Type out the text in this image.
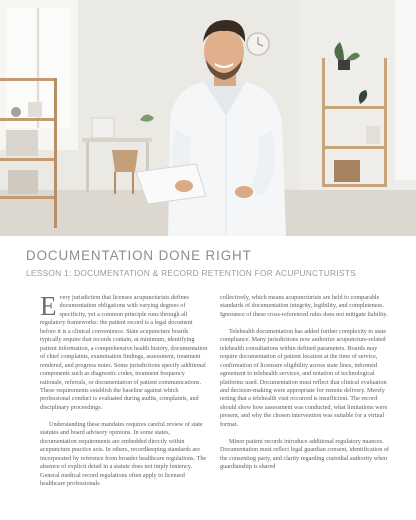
DOCUMENTATION DONE RIGHT
LESSON 1: DOCUMENTATION & RECORD RETENTION FOR ACUPUNCTURISTS

Every jurisdiction that licenses acupuncturists defines documentation obligations with varying degrees of specificity, yet a common principle runs through all regulatory frameworks: the patient record is a legal document before it is a clinical convenience. State acupuncture boards typically require that records contain, at minimum, identifying patient information, a comprehensive health history, documentation of chief complaints, examination findings, assessment, treatment rendered, and progress notes. Some jurisdictions specify additional components such as diagnostic codes, treatment frequency rationale, referrals, or documentation of patient communications. These requirements establish the baseline against which professional conduct is evaluated during audits, complaints, and disciplinary proceedings.

Understanding these mandates requires careful review of state statutes and board advisory opinions. In some states, documentation requirements are embedded directly within acupuncture practice acts. In others, recordkeeping standards are incorporated by reference from broader healthcare regulations. The absence of explicit detail in a statute does not imply leniency. General medical record regulations often apply to licensed healthcare professionals

collectively, which means acupuncturists are held to comparable standards of documentation integrity, legibility, and completeness. Ignorance of these cross-referenced rules does not mitigate liability.

Telehealth documentation has added further complexity to state compliance. Many jurisdictions now authorize acupuncture-related telehealth consultations within defined parameters. Boards may require documentation of patient location at the time of service, confirmation of licensure eligibility across state lines, informed agreement to telehealth services, and notation of technological platforms used. Documentation must reflect that clinical evaluation and decision-making were appropriate for remote delivery. Merely noting that a telehealth visit occurred is insufficient. The record should show how assessment was conducted, what limitations were present, and why the chosen intervention was suitable for a virtual format.

Minor patient records introduce additional regulatory nuances. Documentation must reflect legal guardian consent, identification of the consenting party, and clarity regarding custodial authority when guardianship is shared
